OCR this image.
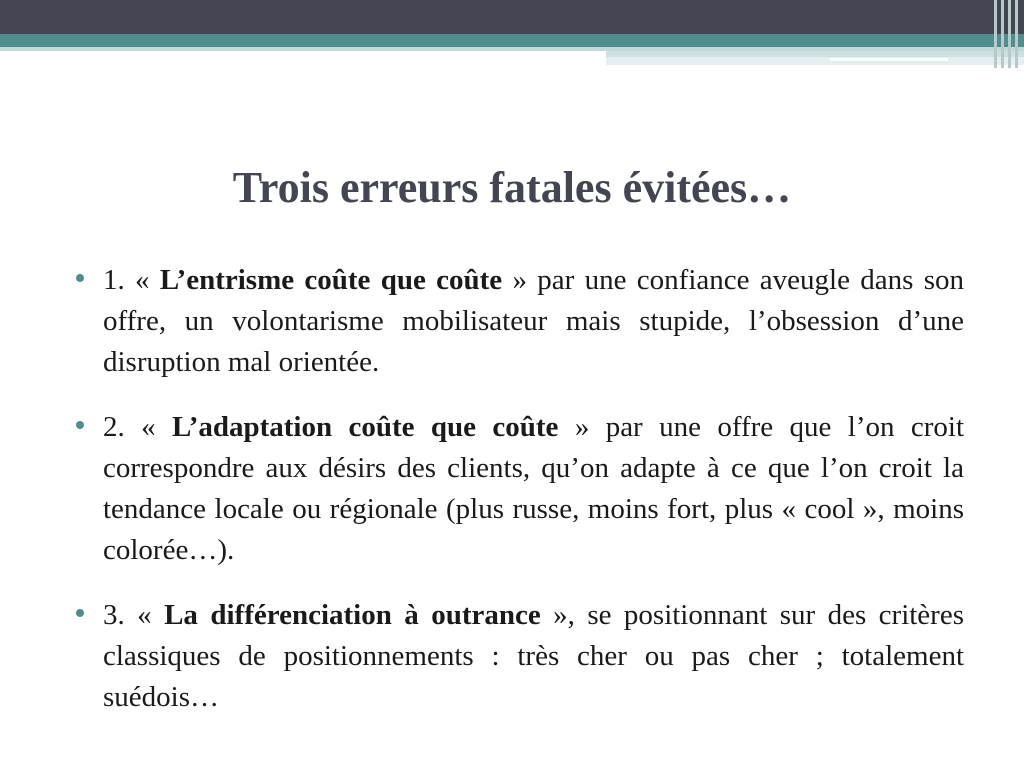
Trois erreurs fatales évitées…
1. « L’entrisme coûte que coûte » par une confiance aveugle dans son offre, un volontarisme mobilisateur mais stupide, l’obsession d’une disruption mal orientée.
2. « L’adaptation coûte que coûte » par une offre que l’on croit correspondre aux désirs des clients, qu’on adapte à ce que l’on croit la tendance locale ou régionale (plus russe, moins fort, plus « cool », moins colorée…).
3. « La différenciation à outrance », se positionnant sur des critères classiques de positionnements : très cher ou pas cher ; totalement suédois…
